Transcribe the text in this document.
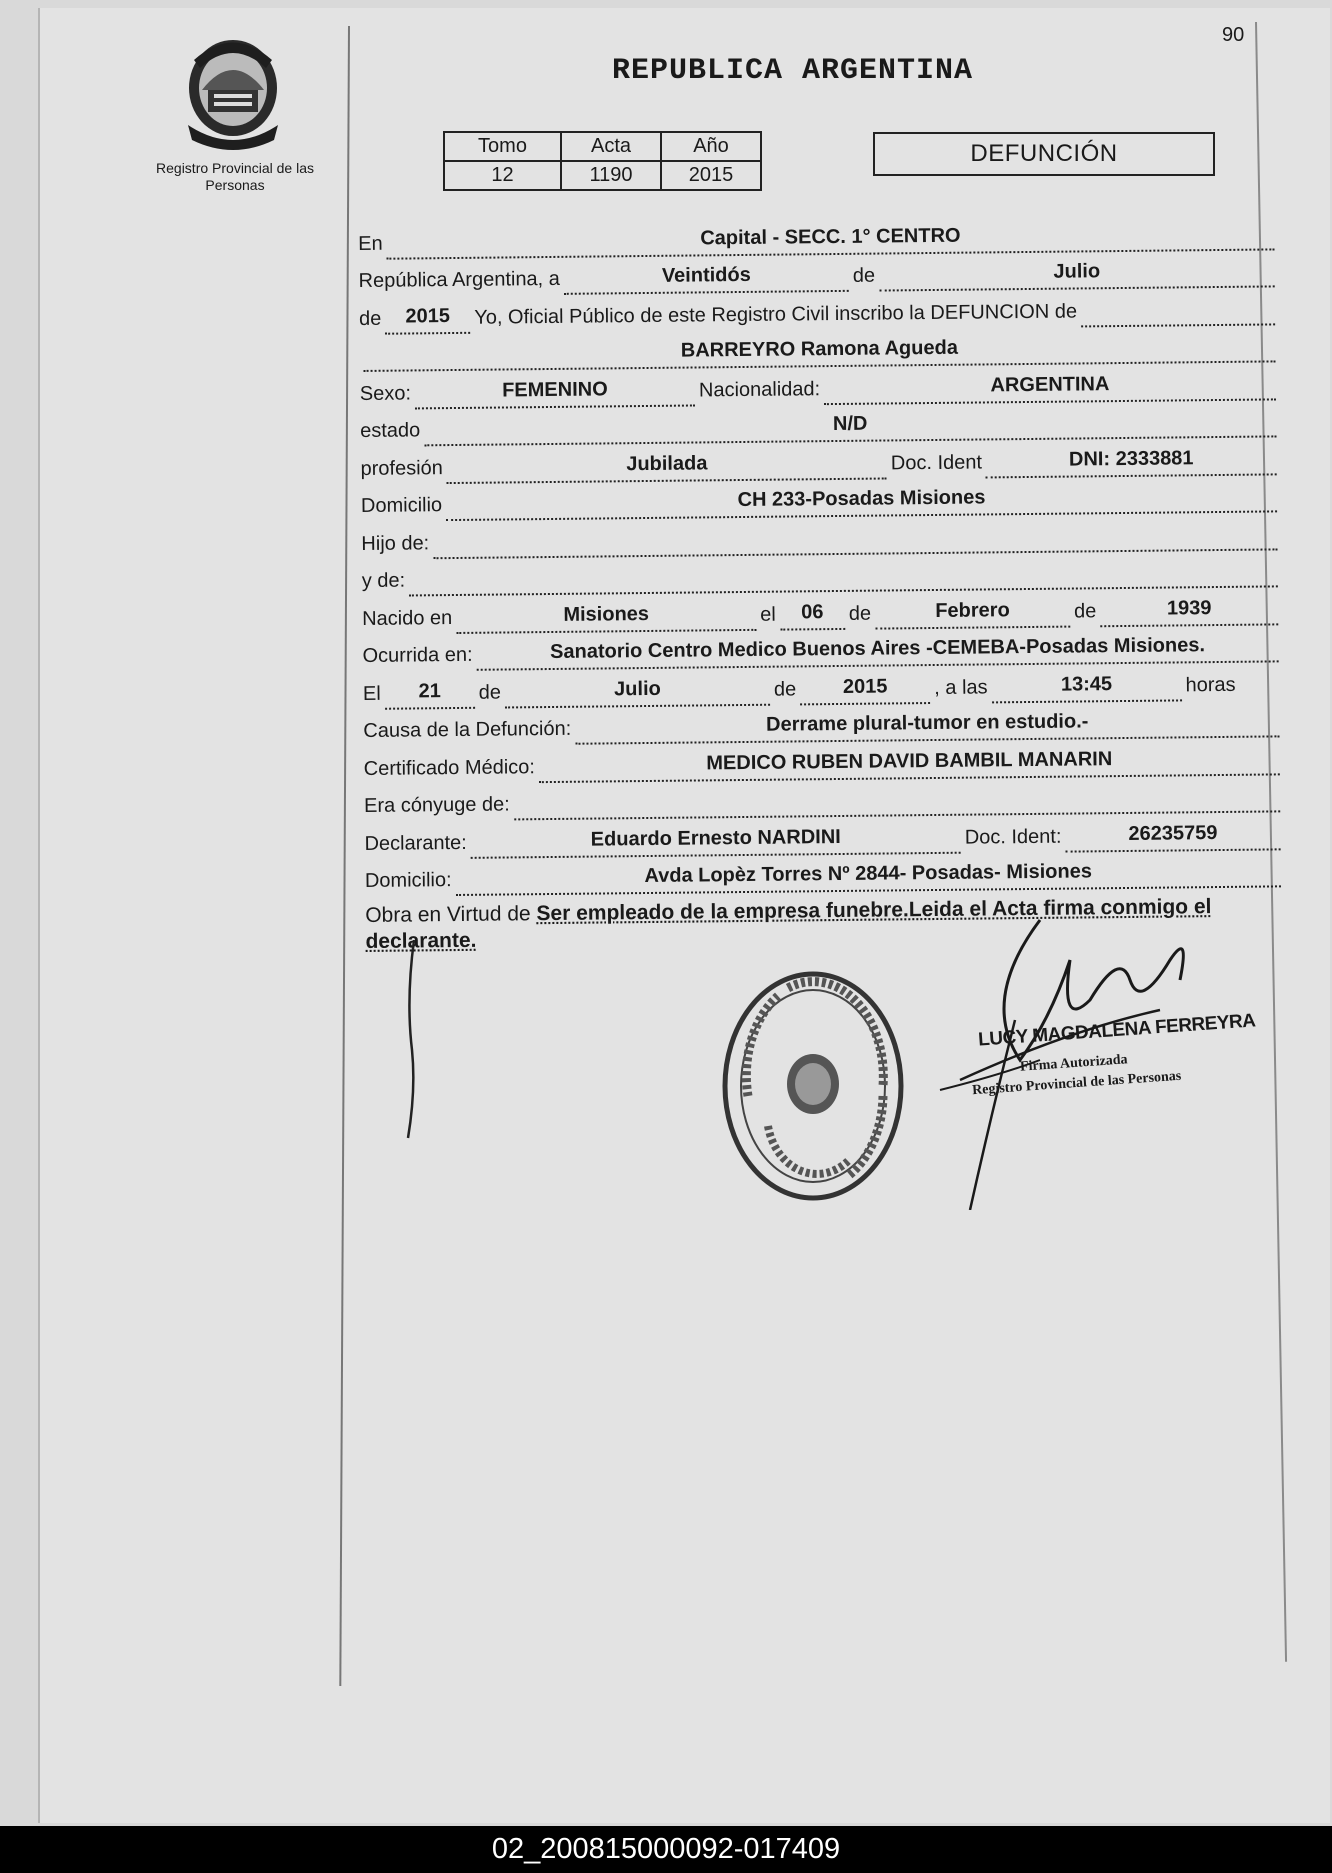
90
Registro Provincial de las Personas
REPUBLICA ARGENTINA
Tomo	Acta	Año
12	1190	2015
DEFUNCIÓN
En	Capital - SECC. 1° CENTRO
República Argentina, a	Veintidós	de	Julio
de	2015	Yo, Oficial Público de este Registro Civil inscribo la DEFUNCION de
BARREYRO Ramona Agueda
Sexo:	FEMENINO	Nacionalidad:	ARGENTINA
estado	N/D
profesión	Jubilada	Doc. Ident	DNI: 2333881
Domicilio	CH 233-Posadas Misiones
Hijo de:
y de:
Nacido en	Misiones	el	06	de	Febrero	de	1939
Ocurrida en:	Sanatorio Centro Medico Buenos Aires -CEMEBA-Posadas Misiones.
El	21	de	Julio	de	2015	, a las	13:45	horas
Causa de la Defunción:	Derrame plural-tumor en estudio.-
Certificado Médico:	MEDICO RUBEN DAVID BAMBIL MANARIN
Era cónyuge de:
Declarante:	Eduardo Ernesto NARDINI	Doc. Ident:	26235759
Domicilio:	Avda Lopèz Torres Nº 2844- Posadas- Misiones
Obra en Virtud de Ser empleado de la empresa funebre.Leida el Acta firma conmigo el declarante.
LUCY MAGDALENA FERREYRA
Firma Autorizada
Registro Provincial de las Personas
02_200815000092-017409
